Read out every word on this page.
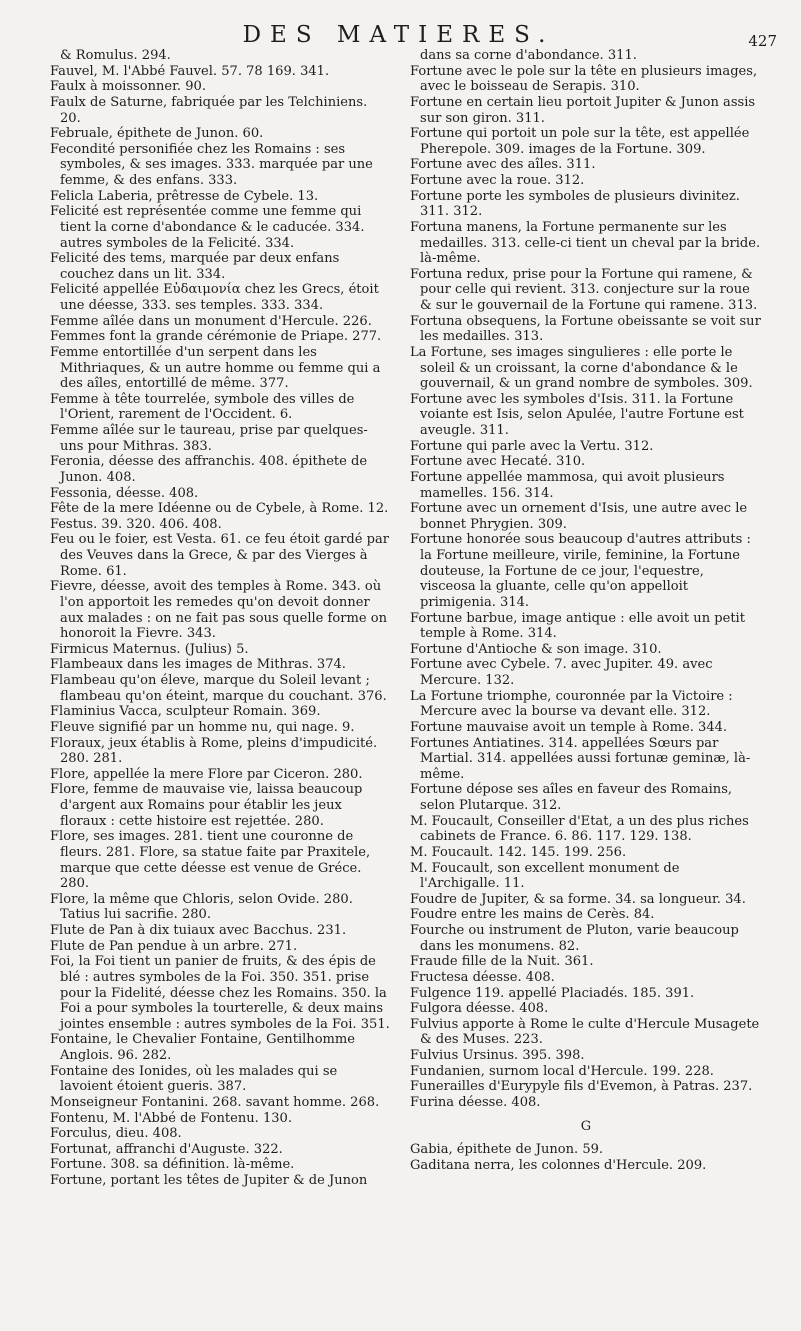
DES MATIERES.	427

& Romulus. 294.

Fauvel, M. l'Abbé Fauvel. 57. 78 169. 341.

Faulx à moissonner. 90.

Faulx de Saturne, fabriquée par les Telchiniens. 20.

Februale, épithete de Junon. 60.

Fecondité personifiée chez les Romains : ses symboles, & ses images. 333. marquée par une femme, & des enfans. 333.

Felicla Laberia, prêtresse de Cybele. 13.

Felicité est représentée comme une femme qui tient la corne d'abondance & le caducée. 334. autres symboles de la Felicité. 334.

Felicité des tems, marquée par deux enfans couchez dans un lit. 334.

Felicité appellée Εὐδαιμονία chez les Grecs, étoit une déesse, 333. ses temples. 333. 334.

Femme aîlée dans un monument d'Hercule. 226.

Femmes font la grande cérémonie de Priape. 277.

Femme entortillée d'un serpent dans les Mithriaques, & un autre homme ou femme qui a des aîles, entortillé de même. 377.

Femme à tête tourrelée, symbole des villes de l'Orient, rarement de l'Occident. 6.

Femme aîlée sur le taureau, prise par quelques-uns pour Mithras. 383.

Feronia, déesse des affranchis. 408. épithete de Junon. 408.

Fessonia, déesse. 408.

Fête de la mere Idéenne ou de Cybele, à Rome. 12.

Festus. 39. 320. 406. 408.

Feu ou le foier, est Vesta. 61. ce feu étoit gardé par des Veuves dans la Grece, & par des Vierges à Rome. 61.

Fievre, déesse, avoit des temples à Rome. 343. où l'on apportoit les remedes qu'on devoit donner aux malades : on ne fait pas sous quelle forme on honoroit la Fievre. 343.

Firmicus Maternus. (Julius) 5.

Flambeaux dans les images de Mithras. 374.

Flambeau qu'on éleve, marque du Soleil levant ; flambeau qu'on éteint, marque du couchant. 376.

Flaminius Vacca, sculpteur Romain. 369.

Fleuve signifié par un homme nu, qui nage. 9.

Floraux, jeux établis à Rome, pleins d'impudicité. 280. 281.

Flore, appellée la mere Flore par Ciceron. 280.

Flore, femme de mauvaise vie, laissa beaucoup d'argent aux Romains pour établir les jeux floraux : cette histoire est rejettée. 280.

Flore, ses images. 281. tient une couronne de fleurs. 281. Flore, sa statue faite par Praxitele, marque que cette déesse est venue de Gréce. 280.

Flore, la même que Chloris, selon Ovide. 280. Tatius lui sacrifie. 280.

Flute de Pan à dix tuiaux avec Bacchus. 231.

Flute de Pan pendue à un arbre. 271.

Foi, la Foi tient un panier de fruits, & des épis de blé : autres symboles de la Foi. 350. 351. prise pour la Fidelité, déesse chez les Romains. 350. la Foi a pour symboles la tourterelle, & deux mains jointes ensemble : autres symboles de la Foi. 351.

Fontaine, le Chevalier Fontaine, Gentilhomme Anglois. 96. 282.

Fontaine des Ionides, où les malades qui se lavoient étoient gueris. 387.

Monseigneur Fontanini. 268. savant homme. 268.

Fontenu, M. l'Abbé de Fontenu. 130.

Forculus, dieu. 408.

Fortunat, affranchi d'Auguste. 322.

Fortune. 308. sa définition. là-même.

Fortune, portant les têtes de Jupiter & de Junon

dans sa corne d'abondance. 311.

Fortune avec le pole sur la tête en plusieurs images, avec le boisseau de Serapis. 310.

Fortune en certain lieu portoit Jupiter & Junon assis sur son giron. 311.

Fortune qui portoit un pole sur la tête, est appellée Pherepole. 309. images de la Fortune. 309.

Fortune avec des aîles. 311.

Fortune avec la roue. 312.

Fortune porte les symboles de plusieurs divinitez. 311. 312.

Fortuna manens, la Fortune permanente sur les medailles. 313. celle-ci tient un cheval par la bride. là-même.

Fortuna redux, prise pour la Fortune qui ramene, & pour celle qui revient. 313. conjecture sur la roue & sur le gouvernail de la Fortune qui ramene. 313.

Fortuna obsequens, la Fortune obeissante se voit sur les medailles. 313.

La Fortune, ses images singulieres : elle porte le soleil & un croissant, la corne d'abondance & le gouvernail, & un grand nombre de symboles. 309.

Fortune avec les symboles d'Isis. 311. la Fortune voiante est Isis, selon Apulée, l'autre Fortune est aveugle. 311.

Fortune qui parle avec la Vertu. 312.

Fortune avec Hecaté. 310.

Fortune appellée mammosa, qui avoit plusieurs mamelles. 156. 314.

Fortune avec un ornement d'Isis, une autre avec le bonnet Phrygien. 309.

Fortune honorée sous beaucoup d'autres attributs : la Fortune meilleure, virile, feminine, la Fortune douteuse, la Fortune de ce jour, l'equestre, visceosa la gluante, celle qu'on appelloit primigenia. 314.

Fortune barbue, image antique : elle avoit un petit temple à Rome. 314.

Fortune d'Antioche & son image. 310.

Fortune avec Cybele. 7. avec Jupiter. 49. avec Mercure. 132.

La Fortune triomphe, couronnée par la Victoire : Mercure avec la bourse va devant elle. 312.

Fortune mauvaise avoit un temple à Rome. 344.

Fortunes Antiatines. 314. appellées Sœurs par Martial. 314. appellées aussi fortunæ geminæ, là-même.

Fortune dépose ses aîles en faveur des Romains, selon Plutarque. 312.

M. Foucault, Conseiller d'Etat, a un des plus riches cabinets de France. 6. 86. 117. 129. 138.

M. Foucault. 142. 145. 199. 256.

M. Foucault, son excellent monument de l'Archigalle. 11.

Foudre de Jupiter, & sa forme. 34. sa longueur. 34.

Foudre entre les mains de Cerès. 84.

Fourche ou instrument de Pluton, varie beaucoup dans les monumens. 82.

Fraude fille de la Nuit. 361.

Fructesa déesse. 408.

Fulgence 119. appellé Placiadés. 185. 391.

Fulgora déesse. 408.

Fulvius apporte à Rome le culte d'Hercule Musagete & des Muses. 223.

Fulvius Ursinus. 395. 398.

Fundanien, surnom local d'Hercule. 199. 228.

Funerailles d'Eurypyle fils d'Evemon, à Patras. 237.

Furina déesse. 408.

G

Gabia, épithete de Junon. 59.

Gaditana nerra, les colonnes d'Hercule. 209.
